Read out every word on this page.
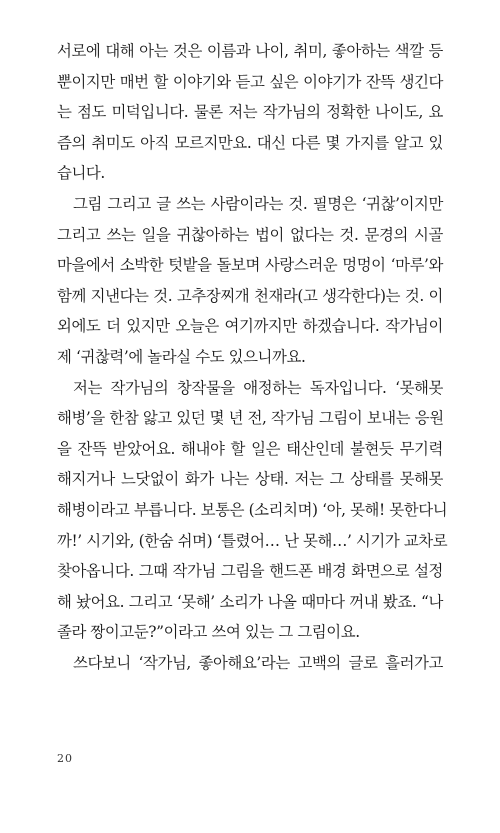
서로에 대해 아는 것은 이름과 나이, 취미, 좋아하는 색깔 등
뿐이지만 매번 할 이야기와 듣고 싶은 이야기가 잔뜩 생긴다
는 점도 미덕입니다. 물론 저는 작가님의 정확한 나이도, 요
즘의 취미도 아직 모르지만요. 대신 다른 몇 가지를 알고 있
습니다.
그림 그리고 글 쓰는 사람이라는 것. 필명은 ‘귀찮’이지만
그리고 쓰는 일을 귀찮아하는 법이 없다는 것. 문경의 시골
마을에서 소박한 텃밭을 돌보며 사랑스러운 멍멍이 ‘마루’와
함께 지낸다는 것. 고추장찌개 천재라(고 생각한다)는 것. 이
외에도 더 있지만 오늘은 여기까지만 하겠습니다. 작가님이
제 ‘귀찮력’에 놀라실 수도 있으니까요.
저는 작가님의 창작물을 애정하는 독자입니다. ‘못해못
해병’을 한참 앓고 있던 몇 년 전, 작가님 그림이 보내는 응원
을 잔뜩 받았어요. 해내야 할 일은 태산인데 불현듯 무기력
해지거나 느닷없이 화가 나는 상태. 저는 그 상태를 못해못
해병이라고 부릅니다. 보통은 (소리치며) ‘아, 못해! 못한다니
까!’ 시기와, (한숨 쉬며) ‘틀렸어… 난 못해…’ 시기가 교차로
찾아옵니다. 그때 작가님 그림을 핸드폰 배경 화면으로 설정
해 놨어요. 그리고 ‘못해’ 소리가 나올 때마다 꺼내 봤죠. “나
졸라 짱이고둔?”이라고 쓰여 있는 그 그림이요.
쓰다보니 ‘작가님, 좋아해요’라는 고백의 글로 흘러가고
20
